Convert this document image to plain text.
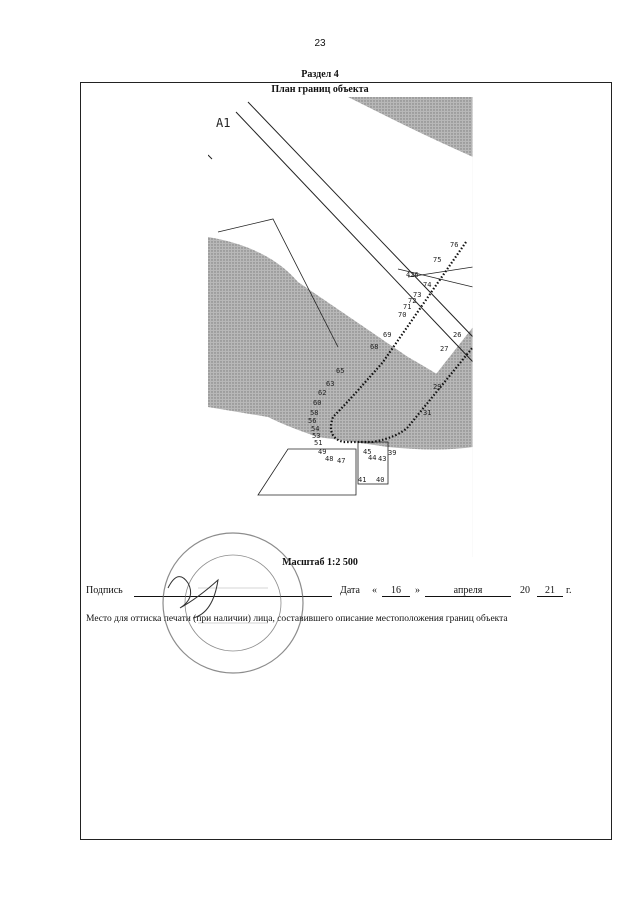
23
Раздел 4
План границ объекта
A1
76
75
426
74
73
72
71
70
69
68
65
63
62
60
58
56
54
53
51
49
48 47
45
44 43
41 40
39
31
29
27
26
Масштаб 1:2 500
Подпись	Дата «	16	»	апреля	20	21	г.
Место для оттиска печати (при наличии) лица, составившего описание местоположения границ объекта
